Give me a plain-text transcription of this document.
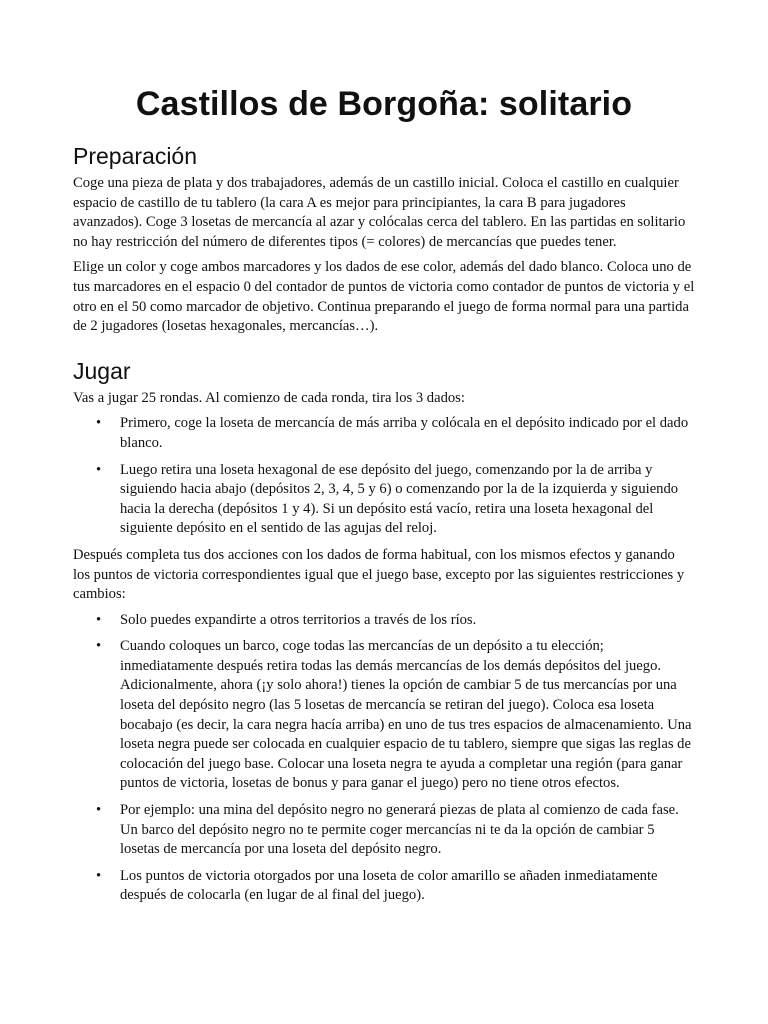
Castillos de Borgoña: solitario
Preparación

Coge una pieza de plata y dos trabajadores, además de un castillo inicial. Coloca el castillo en cualquier espacio de castillo de tu tablero (la cara A es mejor para principiantes, la cara B para jugadores avanzados). Coge 3 losetas de mercancía al azar y colócalas cerca del tablero. En las partidas en solitario no hay restricción del número de diferentes tipos (= colores) de mercancías que puedes tener.

Elige un color y coge ambos marcadores y los dados de ese color, además del dado blanco. Coloca uno de tus marcadores en el espacio 0 del contador de puntos de victoria como contador de puntos de victoria y el otro en el 50 como marcador de objetivo. Continua preparando el juego de forma normal para una partida de 2 jugadores (losetas hexagonales, mercancías…).

Jugar

Vas a jugar 25 rondas. Al comienzo de cada ronda, tira los 3 dados:

• Primero, coge la loseta de mercancía de más arriba y colócala en el depósito indicado por el dado blanco.
• Luego retira una loseta hexagonal de ese depósito del juego, comenzando por la de arriba y siguiendo hacia abajo (depósitos 2, 3, 4, 5 y 6) o comenzando por la de la izquierda y siguiendo hacia la derecha (depósitos 1 y 4). Si un depósito está vacío, retira una loseta hexagonal del siguiente depósito en el sentido de las agujas del reloj.

Después completa tus dos acciones con los dados de forma habitual, con los mismos efectos y ganando los puntos de victoria correspondientes igual que el juego base, excepto por las siguientes restricciones y cambios:

• Solo puedes expandirte a otros territorios a través de los ríos.
• Cuando coloques un barco, coge todas las mercancías de un depósito a tu elección; inmediatamente después retira todas las demás mercancías de los demás depósitos del juego. Adicionalmente, ahora (¡y solo ahora!) tienes la opción de cambiar 5 de tus mercancías por una loseta del depósito negro (las 5 losetas de mercancía se retiran del juego). Coloca esa loseta bocabajo (es decir, la cara negra hacía arriba) en uno de tus tres espacios de almacenamiento. Una loseta negra puede ser colocada en cualquier espacio de tu tablero, siempre que sigas las reglas de colocación del juego base. Colocar una loseta negra te ayuda a completar una región (para ganar puntos de victoria, losetas de bonus y para ganar el juego) pero no tiene otros efectos.
• Por ejemplo: una mina del depósito negro no generará piezas de plata al comienzo de cada fase. Un barco del depósito negro no te permite coger mercancías ni te da la opción de cambiar 5 losetas de mercancía por una loseta del depósito negro.
• Los puntos de victoria otorgados por una loseta de color amarillo se añaden inmediatamente después de colocarla (en lugar de al final del juego).
